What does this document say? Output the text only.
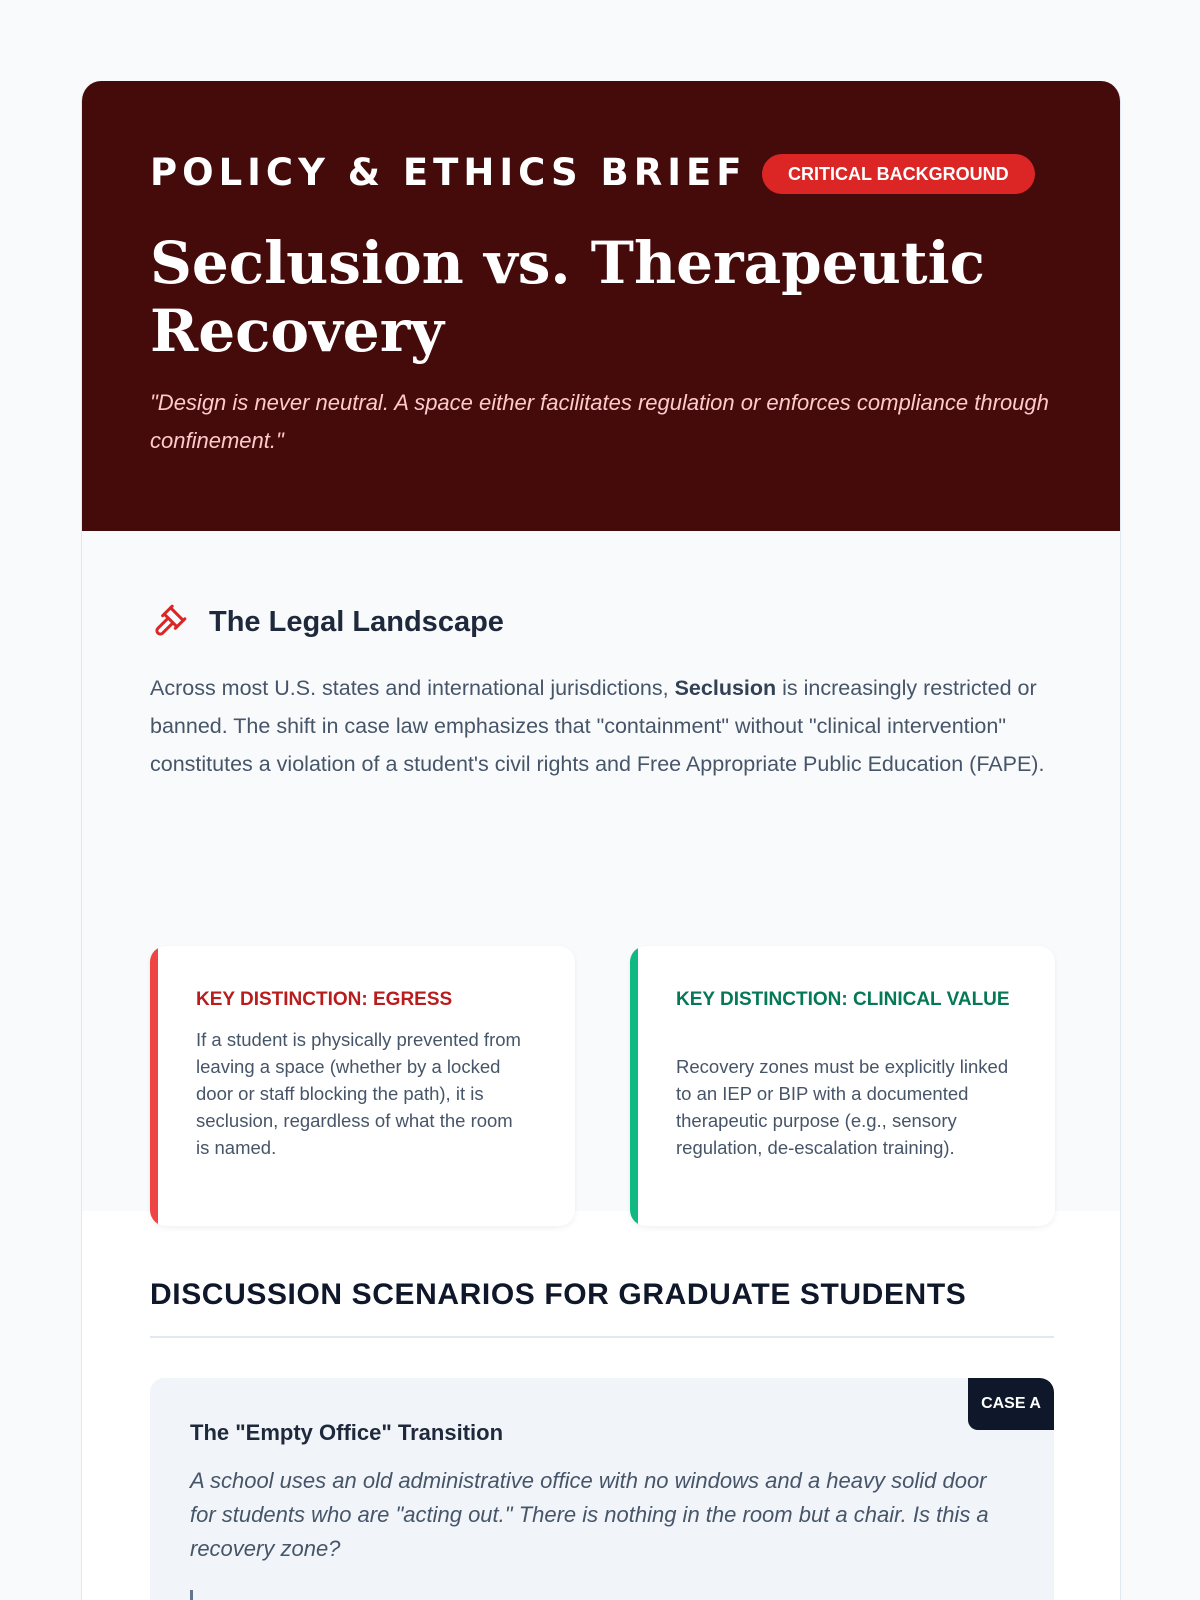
POLICY & ETHICS BRIEF	CRITICAL BACKGROUND
Seclusion vs. Therapeutic Recovery

"Design is never neutral. A space either facilitates regulation or enforces compliance through confinement."

The Legal Landscape

Across most U.S. states and international jurisdictions, Seclusion is increasingly restricted or banned. The shift in case law emphasizes that "containment" without "clinical intervention" constitutes a violation of a student's civil rights and Free Appropriate Public Education (FAPE).

KEY DISTINCTION: EGRESS
If a student is physically prevented from leaving a space (whether by a locked door or staff blocking the path), it is seclusion, regardless of what the room is named.
KEY DISTINCTION: CLINICAL VALUE
Recovery zones must be explicitly linked to an IEP or BIP with a documented therapeutic purpose (e.g., sensory regulation, de-escalation training).
DISCUSSION SCENARIOS FOR GRADUATE STUDENTS
CASE A
The "Empty Office" Transition

A school uses an old administrative office with no windows and a heavy solid door for students who are "acting out." There is nothing in the room but a chair. Is this a recovery zone?
